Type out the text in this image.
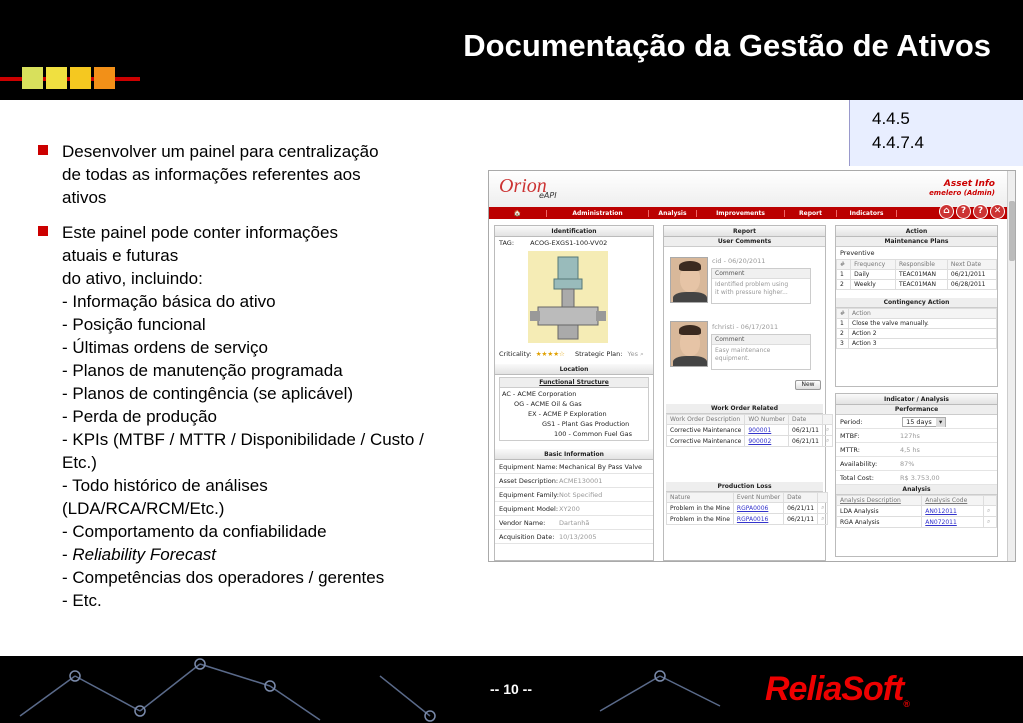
Documentação da Gestão de Ativos
4.4.5
4.4.7.4
Desenvolver um painel para centralização
de todas as informações referentes aos
ativos
Este painel pode conter informações
atuais e futuras
do ativo, incluindo:
- Informação básica do ativo
- Posição funcional
- Últimas ordens de serviço
- Planos de manutenção programada
- Planos de contingência (se aplicável)
- Perda de produção
- KPIs (MTBF / MTTR / Disponibilidade / Custo /
Etc.)
- Todo histórico de análises
(LDA/RCA/RCM/Etc.)
- Comportamento da confiabilidade
- Reliability Forecast
- Competências dos operadores / gerentes
- Etc.
Orion
eAPI
Asset Info
emelero (Admin)
🏠	Administration	Analysis	Improvements	Report	Indicators	⌂	?	?	✕
Identification
TAG: ACOG-EXGS1-100-VV02
Criticality: ★★★★☆ Strategic Plan: Yes ⌕
Location
Functional Structure
AC - ACME Corporation
OG - ACME Oil & Gas
EX - ACME P Exploration
GS1 - Plant Gas Production
100 - Common Fuel Gas
Basic Information
Equipment Name:Mechanical By Pass Valve
Asset Description:ACME130001
Equipment Family:Not Specified
Equipment Model:XY200
Vendor Name: Dartanhã
Acquisition Date: 10/13/2005
Report
User Comments
cid - 06/20/2011
Comment
Identified problem using
it with pressure higher...
fchristi - 06/17/2011
Comment
Easy maintenance
equipment.
New
Work Order Related
Work Order Description	WO Number	Date	
Corrective Maintenance	900001	06/21/11	⌕
Corrective Maintenance	900002	06/21/11	⌕
Production Loss
Nature	Event Number	Date	
Problem in the Mine	RGPA0006	06/21/11	⌕
Problem in the Mine	RGPA0016	06/21/11	⌕
Action
Maintenance Plans
Preventive
#	Frequency	Responsible	Next Date
1	Daily	TEAC01MAN	06/21/2011
2	Weekly	TEAC01MAN	06/28/2011
Contingency Action
#	Action
1	Close the valve manually.
2	Action 2
3	Action 3
Indicator / Analysis
Performance
Period:	15 days	▾
MTBF:	127hs
MTTR:	4,5 hs
Availability:	87%
Total Cost:	R$ 3.753,00
Analysis
Analysis Description	Analysis Code	
LDA Analysis	AN012011	⌕
RGA Analysis	AN072011	⌕
-- 10 --	ReliaSoft®
